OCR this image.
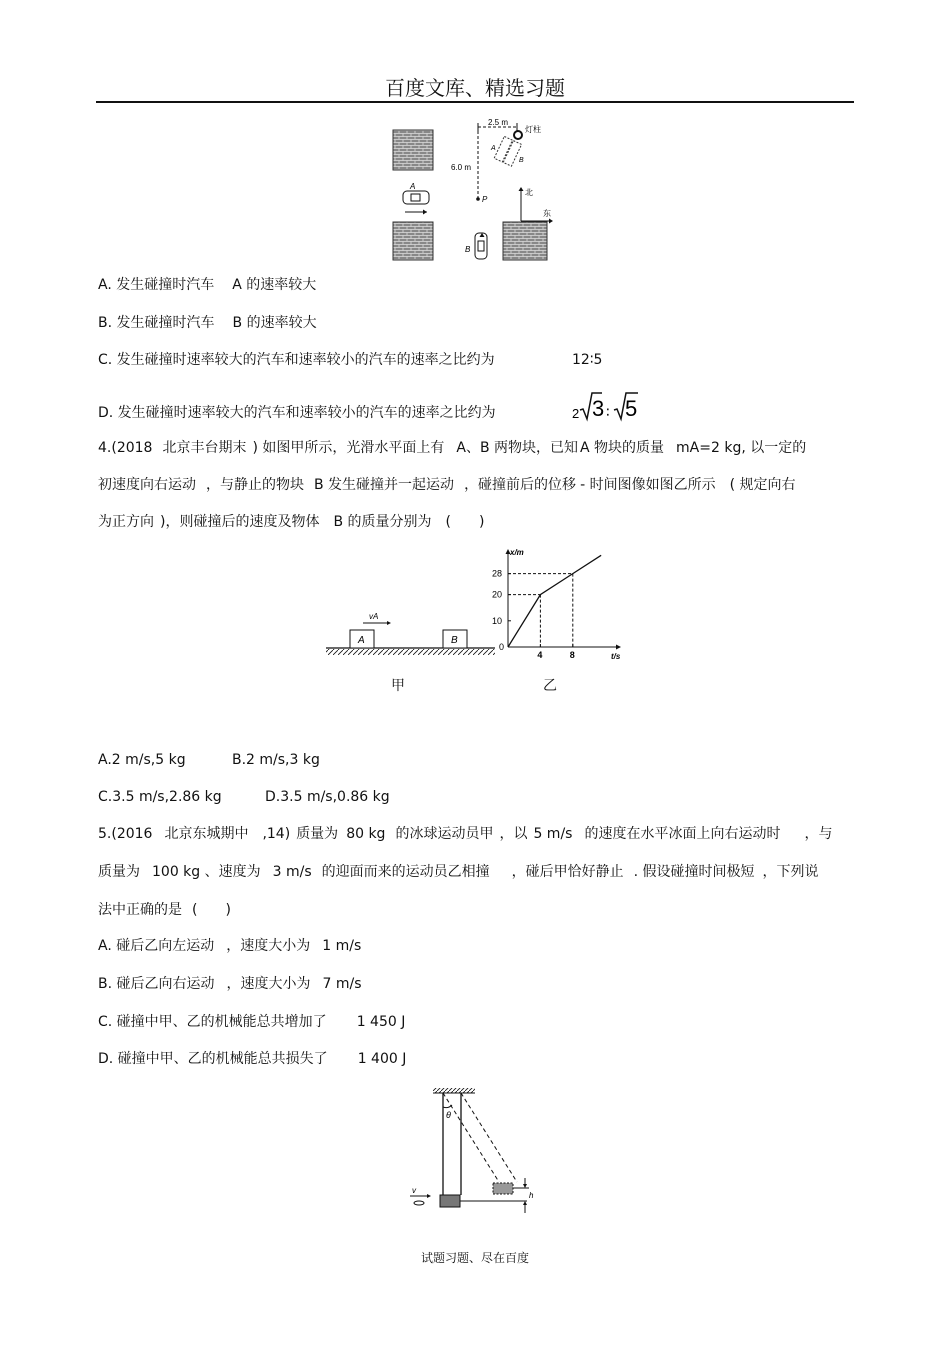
百度文库、精选习题
2.5 m
灯柱
6.0 m
P
A
B
A
B
北
东
A. 发生碰撞时汽车 A 的速率较大
B. 发生碰撞时汽车 B 的速率较大
C. 发生碰撞时速率较大的汽车和速率较小的汽车的速率之比约为	12∶5
D. 发生碰撞时速率较大的汽车和速率较小的汽车的速率之比约为	2 3 ∶ 5
4.(2018 北京丰台期末 ) 如图甲所示，光滑水平面上有 A、B 两物块，已知 A 物块的质量 mA=2 kg, 以一定的
初速度向右运动 ，与静止的物块 B 发生碰撞并一起运动 ，碰撞前后的位移 - 时间图像如图乙所示 ( 规定向右
为正方向 )，则碰撞后的速度及物体 B 的质量分别为 ( )
A	B
vA
甲
x/m
t/s
0
4	8
10
20
28
乙
A.2 m/s,5 kg	B.2 m/s,3 kg
C.3.5 m/s,2.86 kg	D.3.5 m/s,0.86 kg
5.(2016 北京东城期中 ,14) 质量为 80 kg 的冰球运动员甲 ，以 5 m/s 的速度在水平冰面上向右运动时 ，与
质量为 100 kg 、速度为 3 m/s 的迎面而来的运动员乙相撞 ，碰后甲恰好静止 . 假设碰撞时间极短 ，下列说
法中正确的是 ( )
A. 碰后乙向左运动 ，速度大小为 1 m/s
B. 碰后乙向右运动 ，速度大小为 7 m/s
C. 碰撞中甲、乙的机械能总共增加了 1 450 J
D. 碰撞中甲、乙的机械能总共损失了 1 400 J
θ
h
v
试题习题、尽在百度
